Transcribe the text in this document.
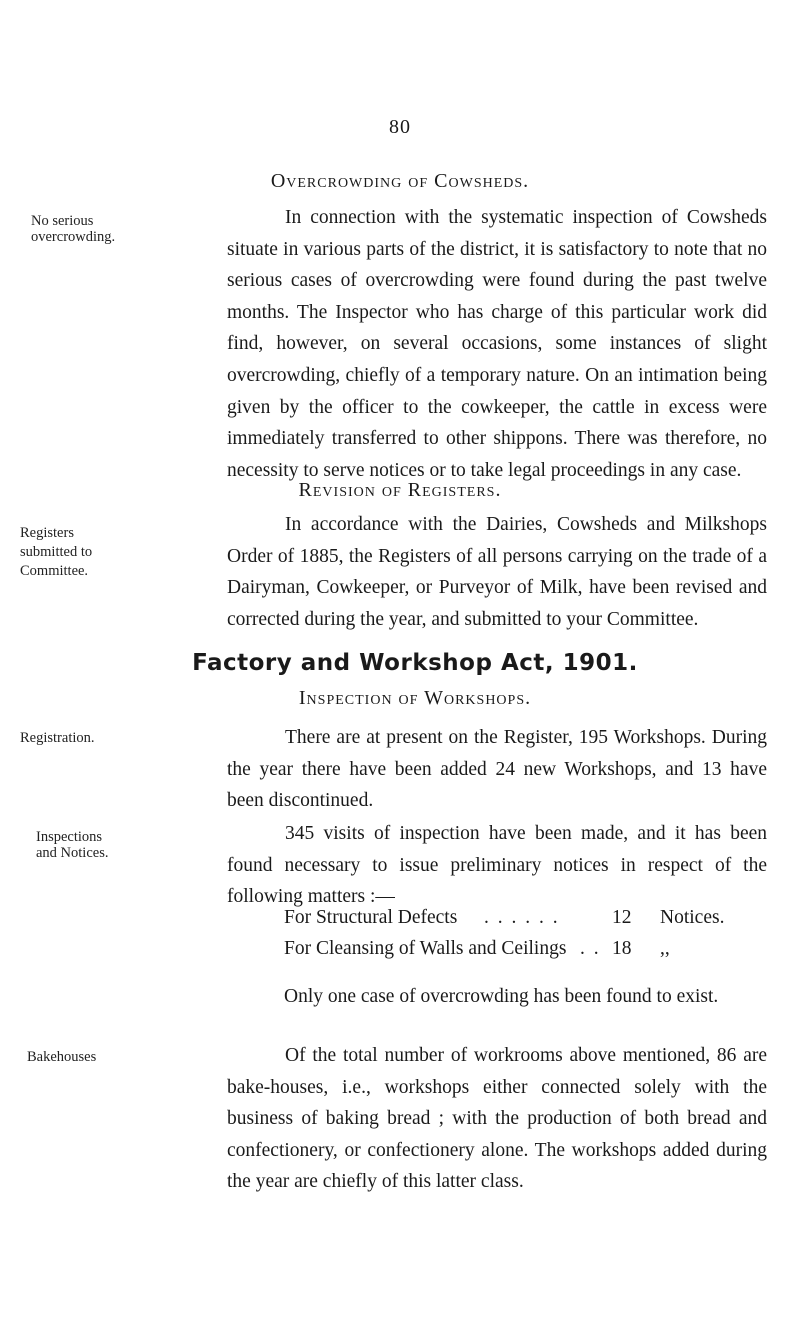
80
Overcrowding of Cowsheds.
No serious
overcrowding.

In connection with the systematic inspection of Cowsheds situate in various parts of the district, it is satisfactory to note that no serious cases of overcrowding were found during the past twelve months. The Inspector who has charge of this particular work did find, however, on several occasions, some instances of slight overcrowding, chiefly of a temporary nature. On an intimation being given by the officer to the cowkeeper, the cattle in excess were immediately transferred to other shippons. There was therefore, no necessity to serve notices or to take legal proceedings in any case.

Revision of Registers.
Registers
submitted to
Committee.

In accordance with the Dairies, Cowsheds and Milkshops Order of 1885, the Registers of all persons carrying on the trade of a Dairyman, Cowkeeper, or Purveyor of Milk, have been revised and corrected during the year, and submitted to your Committee.

Factory and Workshop Act, 1901.
Inspection of Workshops.
Registration.	There are at present on the Register, 195 Workshops. During the year there have been added 24 new Workshops, and 13 have been discontinued.

Inspections
and Notices.

345 visits of inspection have been made, and it has been found necessary to issue preliminary notices in respect of the following matters :—

For Structural Defects . . . . . .	12 Notices.
For Cleansing of Walls and Ceilings . . 18 ,,
Only one case of overcrowding has been found to exist.
Bakehouses	Of the total number of workrooms above mentioned, 86 are bake-houses, i.e., workshops either connected solely with the business of baking bread ; with the production of both bread and confectionery, or confectionery alone. The workshops added during the year are chiefly of this latter class.
